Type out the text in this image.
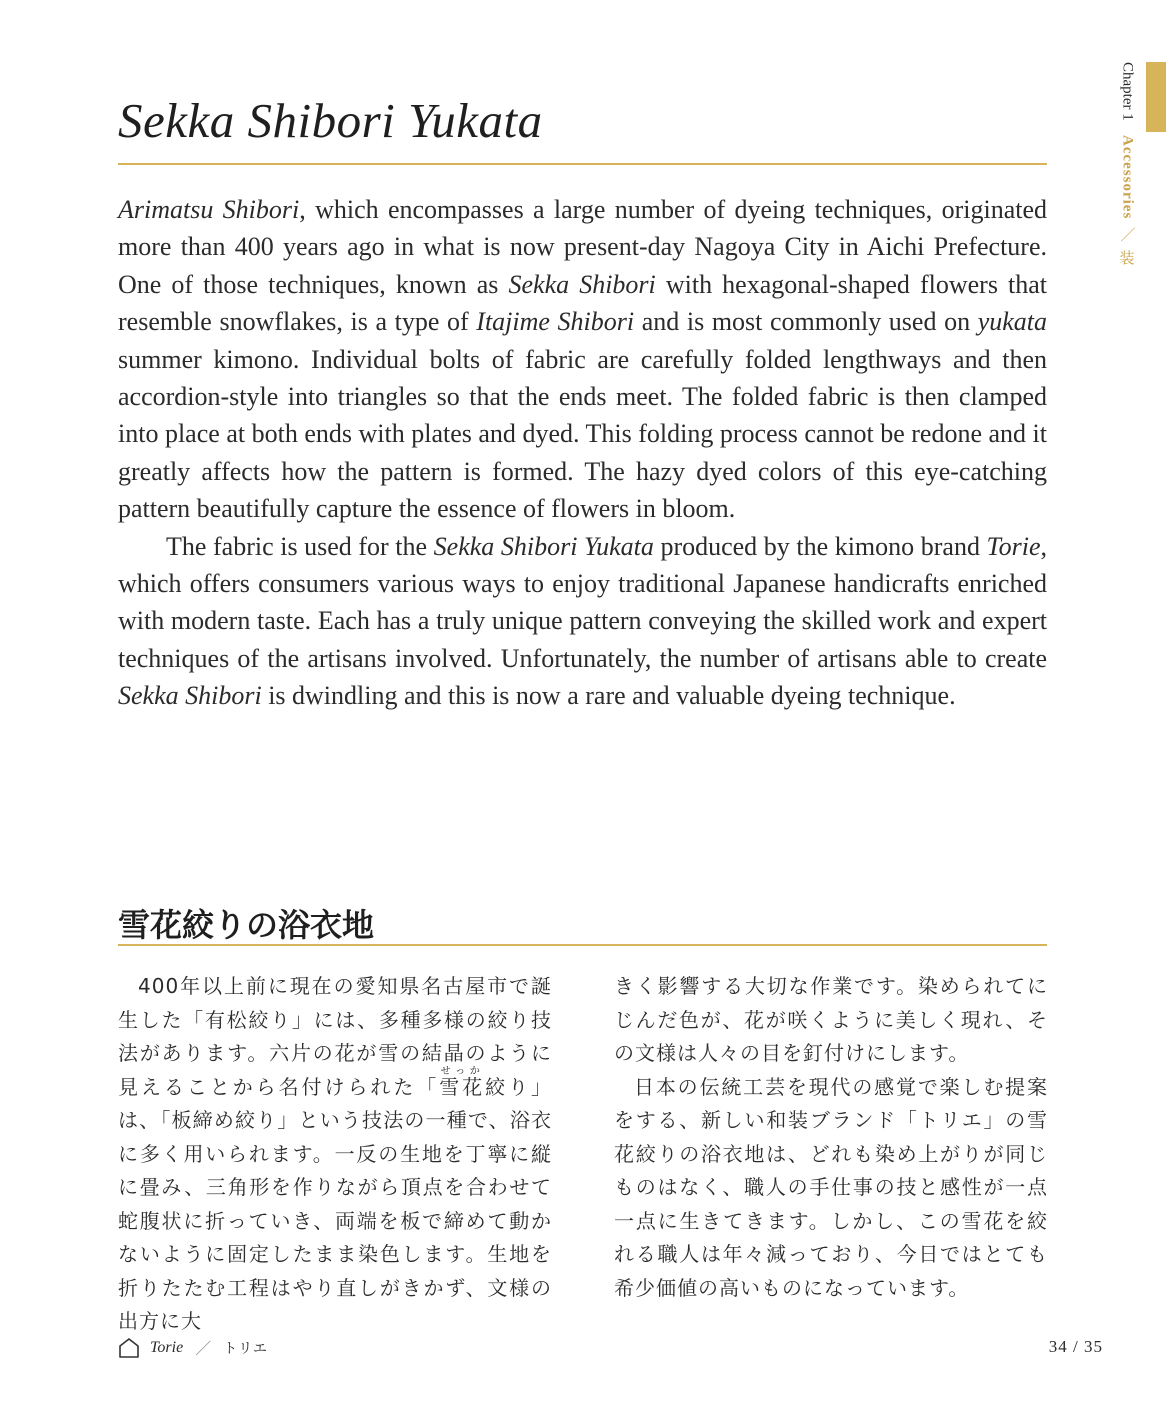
Chapter 1
Accessories
／
装
Sekka Shibori Yukata

Arimatsu Shibori, which encompasses a large number of dyeing techniques, originated more than 400 years ago in what is now present-day Nagoya City in Aichi Prefecture. One of those techniques, known as Sekka Shibori with hexagonal-shaped flowers that resemble snowflakes, is a type of Itajime Shibori and is most commonly used on yukata summer kimono. Individual bolts of fabric are carefully folded lengthways and then accordion-style into triangles so that the ends meet. The folded fabric is then clamped into place at both ends with plates and dyed. This folding process cannot be redone and it greatly affects how the pattern is formed. The hazy dyed colors of this eye-catching pattern beautifully capture the essence of flowers in bloom.

The fabric is used for the Sekka Shibori Yukata produced by the kimono brand Torie, which offers consumers various ways to enjoy traditional Japanese handicrafts enriched with modern taste. Each has a truly unique pattern conveying the skilled work and expert techniques of the artisans involved. Unfortunately, the number of artisans able to create Sekka Shibori is dwindling and this is now a rare and valuable dyeing technique.

雪花絞りの浴衣地

400年以上前に現在の愛知県名古屋市で誕生した「有松絞り」には、多種多様の絞り技法があります。六片の花が雪の結晶のように見えることから名付けられた「雪花せっか絞り」は、「板締め絞り」という技法の一種で、浴衣に多く用いられます。一反の生地を丁寧に縦に畳み、三角形を作りながら頂点を合わせて蛇腹状に折っていき、両端を板で締めて動かないように固定したまま染色します。生地を折りたたむ工程はやり直しがきかず、文様の出方に大

きく影響する大切な作業です。染められてにじんだ色が、花が咲くように美しく現れ、その文様は人々の目を釘付けにします。

日本の伝統工芸を現代の感覚で楽しむ提案をする、新しい和装ブランド「トリエ」の雪花絞りの浴衣地は、どれも染め上がりが同じものはなく、職人の手仕事の技と感性が一点一点に生きてきます。しかし、この雪花を絞れる職人は年々減っており、今日ではとても希少価値の高いものになっています。

Torie ／ トリエ	34 / 35
